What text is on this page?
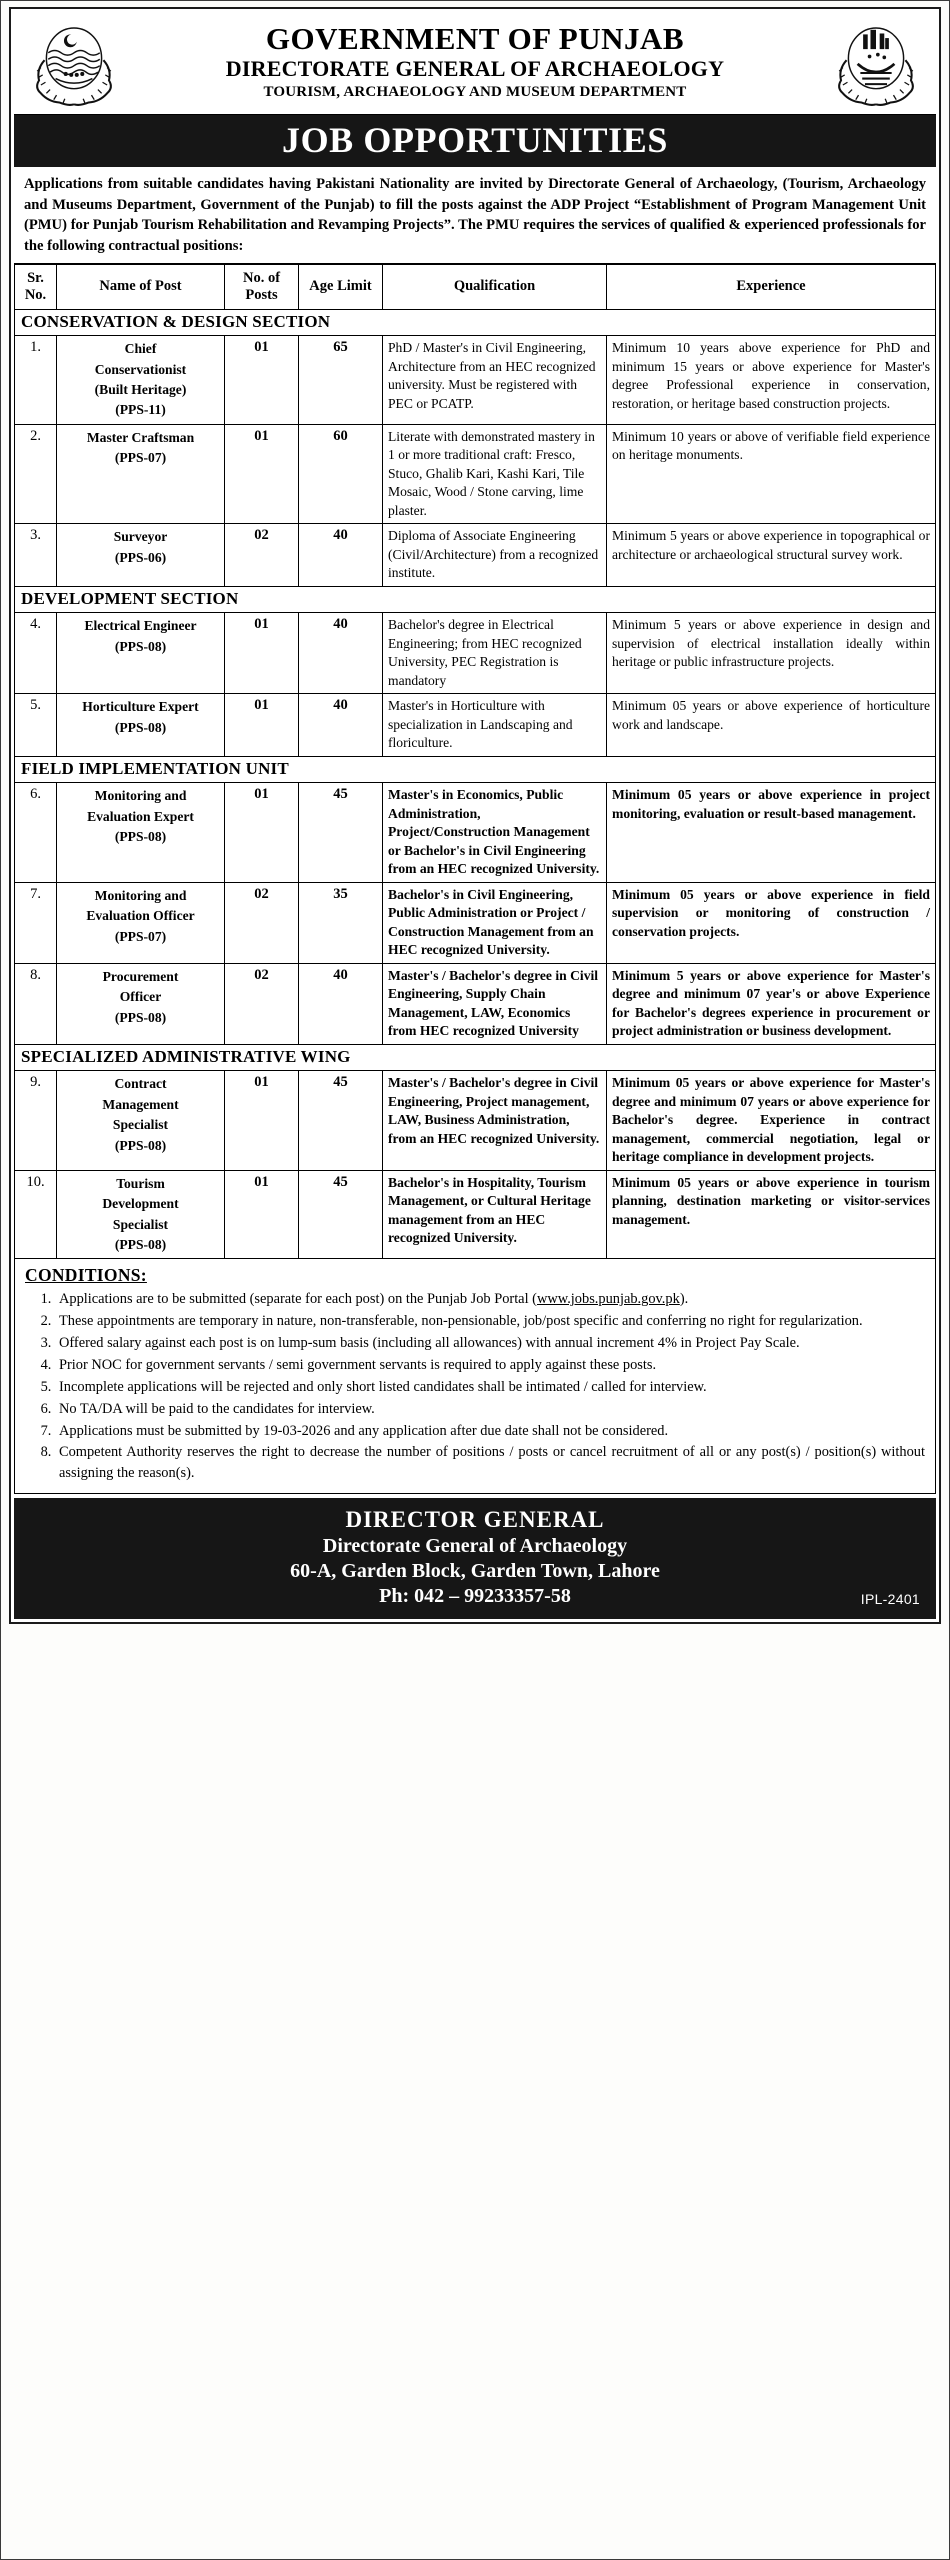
GOVERNMENT OF PUNJAB
DIRECTORATE GENERAL OF ARCHAEOLOGY
TOURISM, ARCHAEOLOGY AND MUSEUM DEPARTMENT
JOB OPPORTUNITIES
Applications from suitable candidates having Pakistani Nationality are invited by Directorate General of Archaeology, (Tourism, Archaeology and Museums Department, Government of the Punjab) to fill the posts against the ADP Project “Establishment of Program Management Unit (PMU) for Punjab Tourism Rehabilitation and Revamping Projects”. The PMU requires the services of qualified & experienced professionals for the following contractual positions:
Sr.
No.	Name of Post	No. of
Posts	Age Limit	Qualification	Experience
CONSERVATION & DESIGN SECTION					
1.	Chief
Conservationist
(Built Heritage)
(PPS-11)	01	65	PhD / Master's in Civil Engineering, Architecture from an HEC recognized university. Must be registered with PEC or PCATP.	Minimum 10 years above experience for PhD and minimum 15 years or above experience for Master's degree Professional experience in conservation, restoration, or heritage based construction projects.
2.	Master Craftsman
(PPS-07)	01	60	Literate with demonstrated mastery in 1 or more traditional craft: Fresco, Stuco, Ghalib Kari, Kashi Kari, Tile Mosaic, Wood / Stone carving, lime plaster.	Minimum 10 years or above of verifiable field experience on heritage monuments.
3.	Surveyor
(PPS-06)	02	40	Diploma of Associate Engineering (Civil/Architecture) from a recognized institute.	Minimum 5 years or above experience in topographical or architecture or archaeological structural survey work.
DEVELOPMENT SECTION					
4.	Electrical Engineer
(PPS-08)	01	40	Bachelor's degree in Electrical Engineering; from HEC recognized University, PEC Registration is mandatory	Minimum 5 years or above experience in design and supervision of electrical installation ideally within heritage or public infrastructure projects.
5.	Horticulture Expert
(PPS-08)	01	40	Master's in Horticulture with specialization in Landscaping and floriculture.	Minimum 05 years or above experience of horticulture work and landscape.
FIELD IMPLEMENTATION UNIT					
6.	Monitoring and
Evaluation Expert
(PPS-08)	01	45	Master's in Economics, Public Administration, Project/Construction Management or Bachelor's in Civil Engineering from an HEC recognized University.	Minimum 05 years or above experience in project monitoring, evaluation or result-based management.
7.	Monitoring and
Evaluation Officer
(PPS-07)	02	35	Bachelor's in Civil Engineering, Public Administration or Project / Construction Management from an HEC recognized University.	Minimum 05 years or above experience in field supervision or monitoring of construction / conservation projects.
8.	Procurement
Officer
(PPS-08)	02	40	Master's / Bachelor's degree in Civil Engineering, Supply Chain Management, LAW, Economics from HEC recognized University	Minimum 5 years or above experience for Master's degree and minimum 07 year's or above Experience for Bachelor's degrees experience in procurement or project administration or business development.
SPECIALIZED ADMINISTRATIVE WING					
9.	Contract
Management
Specialist
(PPS-08)
	01	45	Master's / Bachelor's degree in Civil Engineering, Project management, LAW, Business Administration, from an HEC recognized University.	Minimum 05 years or above experience for Master's degree and minimum 07 years or above experience for Bachelor's degree. Experience in contract management, commercial negotiation, legal or heritage compliance in development projects.
10.	Tourism
Development
Specialist
(PPS-08)	01	45	Bachelor's in Hospitality, Tourism Management, or Cultural Heritage management from an HEC recognized University.	Minimum 05 years or above experience in tourism planning, destination marketing or visitor-services management.
CONDITIONS:
1. Applications are to be submitted (separate for each post) on the Punjab Job Portal (www.jobs.punjab.gov.pk).
2. These appointments are temporary in nature, non-transferable, non-pensionable, job/post specific and conferring no right for regularization.
3. Offered salary against each post is on lump-sum basis (including all allowances) with annual increment 4% in Project Pay Scale.
4. Prior NOC for government servants / semi government servants is required to apply against these posts.
5. Incomplete applications will be rejected and only short listed candidates shall be intimated / called for interview.
6. No TA/DA will be paid to the candidates for interview.
7. Applications must be submitted by 19-03-2026 and any application after due date shall not be considered.
8. Competent Authority reserves the right to decrease the number of positions / posts or cancel recruitment of all or any post(s) / position(s) without assigning the reason(s).
DIRECTOR GENERAL
Directorate General of Archaeology
60-A, Garden Block, Garden Town, Lahore
Ph: 042 – 99233357-58	IPL-2401
